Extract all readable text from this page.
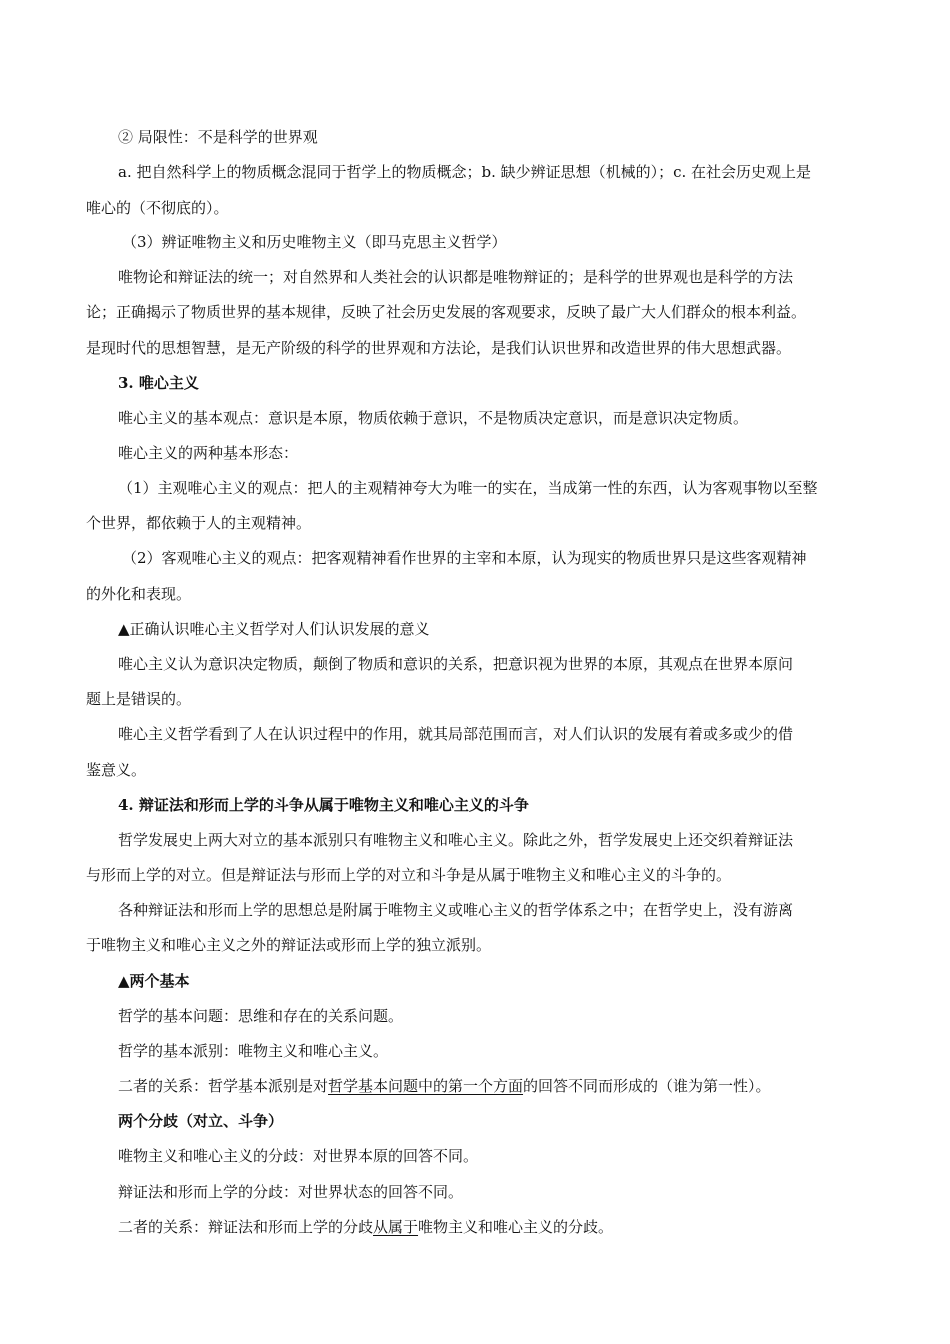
② 局限性：不是科学的世界观
a. 把自然科学上的物质概念混同于哲学上的物质概念；b. 缺少辨证思想（机械的）；c. 在社会历史观上是
唯心的（不彻底的）。
（3）辨证唯物主义和历史唯物主义（即马克思主义哲学）
唯物论和辩证法的统一；对自然界和人类社会的认识都是唯物辩证的；是科学的世界观也是科学的方法
论；正确揭示了物质世界的基本规律，反映了社会历史发展的客观要求，反映了最广大人们群众的根本利益。
是现时代的思想智慧，是无产阶级的科学的世界观和方法论，是我们认识世界和改造世界的伟大思想武器。
3. 唯心主义
唯心主义的基本观点：意识是本原，物质依赖于意识，不是物质决定意识，而是意识决定物质。
唯心主义的两种基本形态：
（1）主观唯心主义的观点：把人的主观精神夸大为唯一的实在，当成第一性的东西，认为客观事物以至整
个世界，都依赖于人的主观精神。
（2）客观唯心主义的观点：把客观精神看作世界的主宰和本原，认为现实的物质世界只是这些客观精神
的外化和表现。
▲正确认识唯心主义哲学对人们认识发展的意义
唯心主义认为意识决定物质，颠倒了物质和意识的关系，把意识视为世界的本原，其观点在世界本原问
题上是错误的。
唯心主义哲学看到了人在认识过程中的作用，就其局部范围而言，对人们认识的发展有着或多或少的借
鉴意义。
4. 辩证法和形而上学的斗争从属于唯物主义和唯心主义的斗争
哲学发展史上两大对立的基本派别只有唯物主义和唯心主义。除此之外，哲学发展史上还交织着辩证法
与形而上学的对立。但是辩证法与形而上学的对立和斗争是从属于唯物主义和唯心主义的斗争的。
各种辩证法和形而上学的思想总是附属于唯物主义或唯心主义的哲学体系之中；在哲学史上，没有游离
于唯物主义和唯心主义之外的辩证法或形而上学的独立派别。
▲两个基本
哲学的基本问题：思维和存在的关系问题。
哲学的基本派别：唯物主义和唯心主义。
二者的关系：哲学基本派别是对哲学基本问题中的第一个方面的回答不同而形成的（谁为第一性）。
两个分歧（对立、斗争）
唯物主义和唯心主义的分歧：对世界本原的回答不同。
辩证法和形而上学的分歧：对世界状态的回答不同。
二者的关系：辩证法和形而上学的分歧从属于唯物主义和唯心主义的分歧。
